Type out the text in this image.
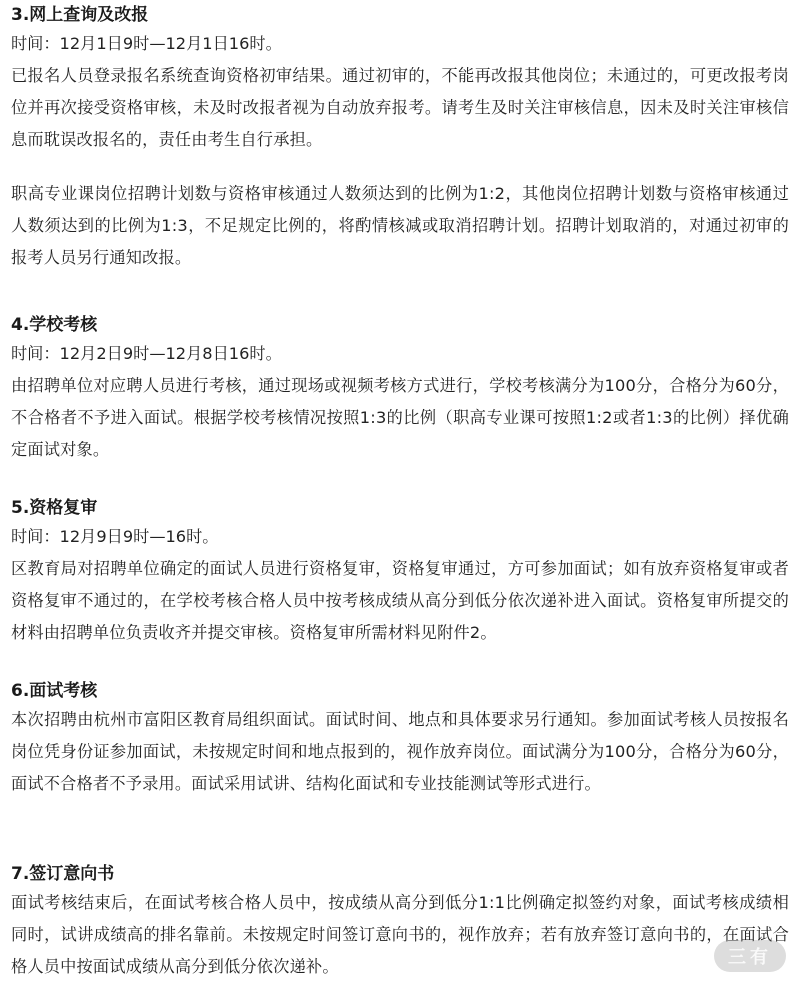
3.网上查询及改报

时间：12月1日9时—12月1日16时。

已报名人员登录报名系统查询资格初审结果。通过初审的，不能再改报其他岗位；未通过的，可更改报考岗位并再次接受资格审核，未及时改报者视为自动放弃报考。请考生及时关注审核信息，因未及时关注审核信息而耽误改报名的，责任由考生自行承担。

职高专业课岗位招聘计划数与资格审核通过人数须达到的比例为1:2，其他岗位招聘计划数与资格审核通过人数须达到的比例为1:3，不足规定比例的，将酌情核减或取消招聘计划。招聘计划取消的，对通过初审的报考人员另行通知改报。

4.学校考核

时间：12月2日9时—12月8日16时。

由招聘单位对应聘人员进行考核，通过现场或视频考核方式进行，学校考核满分为100分，合格分为60分，不合格者不予进入面试。根据学校考核情况按照1:3的比例（职高专业课可按照1:2或者1:3的比例）择优确定面试对象。

5.资格复审

时间：12月9日9时—16时。

区教育局对招聘单位确定的面试人员进行资格复审，资格复审通过，方可参加面试；如有放弃资格复审或者资格复审不通过的，在学校考核合格人员中按考核成绩从高分到低分依次递补进入面试。资格复审所提交的材料由招聘单位负责收齐并提交审核。资格复审所需材料见附件2。

6.面试考核

本次招聘由杭州市富阳区教育局组织面试。面试时间、地点和具体要求另行通知。参加面试考核人员按报名岗位凭身份证参加面试，未按规定时间和地点报到的，视作放弃岗位。面试满分为100分，合格分为60分，面试不合格者不予录用。面试采用试讲、结构化面试和专业技能测试等形式进行。

7.签订意向书

面试考核结束后，在面试考核合格人员中，按成绩从高分到低分1:1比例确定拟签约对象，面试考核成绩相同时，试讲成绩高的排名靠前。未按规定时间签订意向书的，视作放弃；若有放弃签订意向书的，在面试合格人员中按面试成绩从高分到低分依次递补。	三有
